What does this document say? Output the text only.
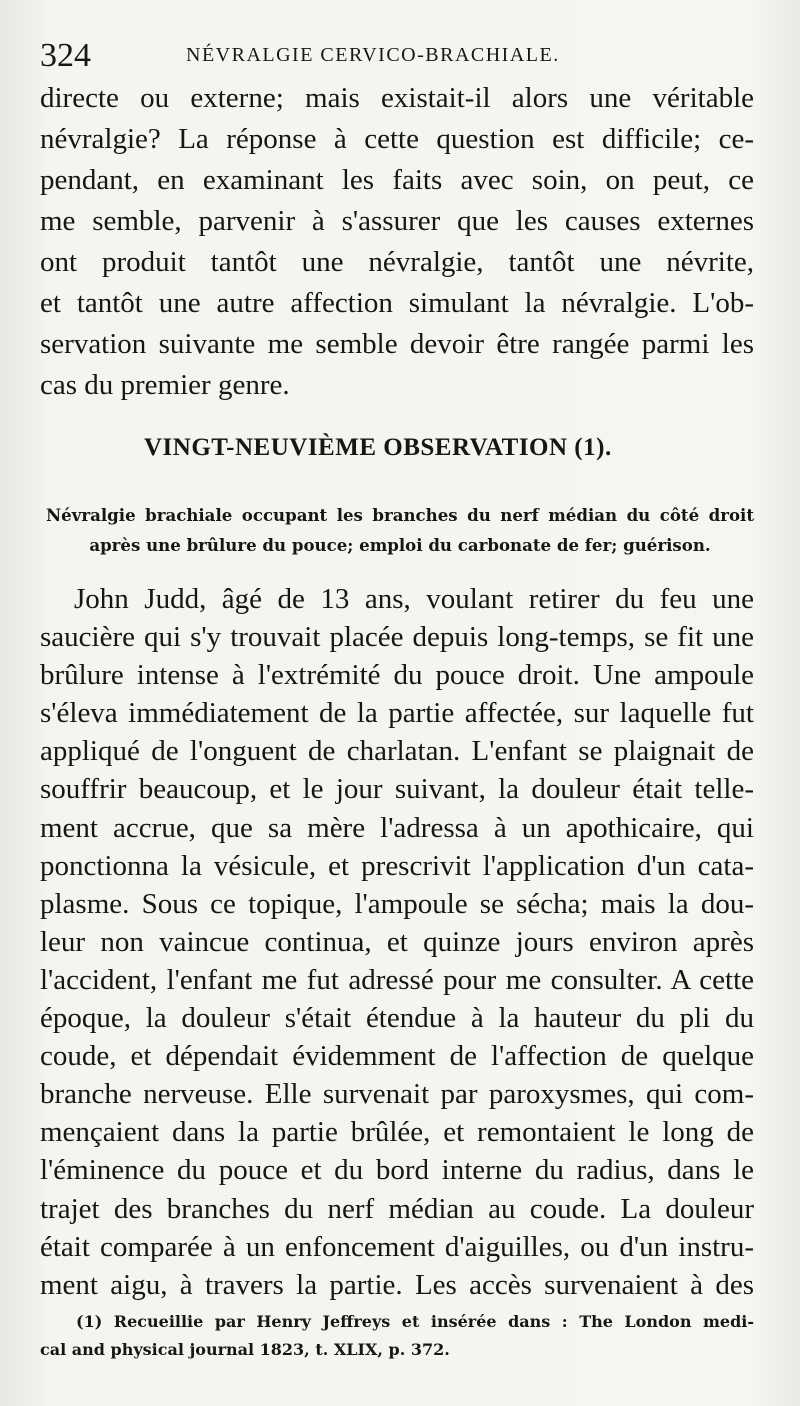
324	NÉVRALGIE CERVICO-BRACHIALE.
directe ou externe; mais existait-il alors une véritable
névralgie? La réponse à cette question est difficile; ce-
pendant, en examinant les faits avec soin, on peut, ce
me semble, parvenir à s'assurer que les causes externes
ont produit tantôt une névralgie, tantôt une névrite,
et tantôt une autre affection simulant la névralgie. L'ob-
servation suivante me semble devoir être rangée parmi les
cas du premier genre.
VINGT-NEUVIÈME OBSERVATION (1).
Névralgie brachiale occupant les branches du nerf médian du côté droit
après une brûlure du pouce; emploi du carbonate de fer; guérison.
John Judd, âgé de 13 ans, voulant retirer du feu une
saucière qui s'y trouvait placée depuis long-temps, se fit une
brûlure intense à l'extrémité du pouce droit. Une ampoule
s'éleva immédiatement de la partie affectée, sur laquelle fut
appliqué de l'onguent de charlatan. L'enfant se plaignait de
souffrir beaucoup, et le jour suivant, la douleur était telle-
ment accrue, que sa mère l'adressa à un apothicaire, qui
ponctionna la vésicule, et prescrivit l'application d'un cata-
plasme. Sous ce topique, l'ampoule se sécha; mais la dou-
leur non vaincue continua, et quinze jours environ après
l'accident, l'enfant me fut adressé pour me consulter. A cette
époque, la douleur s'était étendue à la hauteur du pli du
coude, et dépendait évidemment de l'affection de quelque
branche nerveuse. Elle survenait par paroxysmes, qui com-
mençaient dans la partie brûlée, et remontaient le long de
l'éminence du pouce et du bord interne du radius, dans le
trajet des branches du nerf médian au coude. La douleur
était comparée à un enfoncement d'aiguilles, ou d'un instru-
ment aigu, à travers la partie. Les accès survenaient à des
(1) Recueillie par Henry Jeffreys et insérée dans : The London medi-
cal and physical journal 1823, t. XLIX, p. 372.
